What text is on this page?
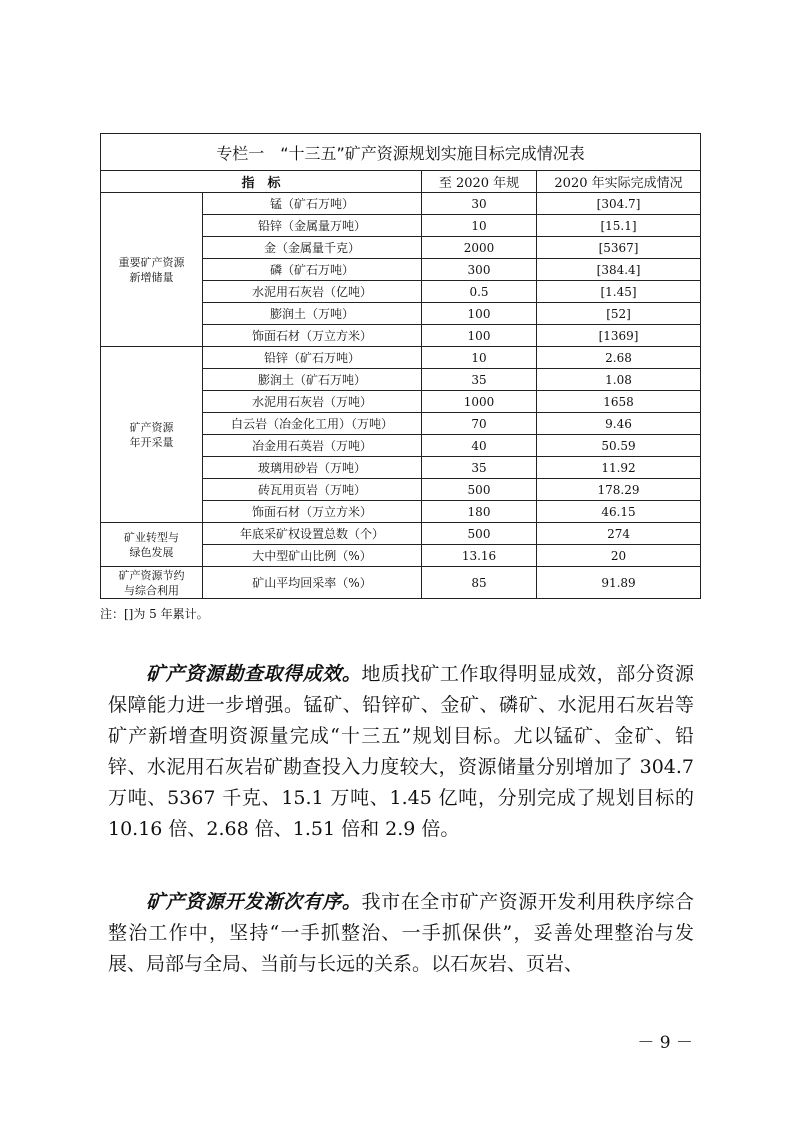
专栏一　“十三五”矿产资源规划实施目标完成情况表			
指　标		至 2020 年规	2020 年实际完成情况
重要矿产资源
新增储量	锰（矿石万吨）	30	[304.7]
	铅锌（金属量万吨）	10	[15.1]
	金（金属量千克）	2000	[5367]
	磷（矿石万吨）	300	[384.4]
	水泥用石灰岩（亿吨）	0.5	[1.45]
	膨润土（万吨）	100	[52]
	饰面石材（万立方米）	100	[1369]
矿产资源
年开采量	铅锌（矿石万吨）	10	2.68
	膨润土（矿石万吨）	35	1.08
	水泥用石灰岩（万吨）	1000	1658
	白云岩（冶金化工用）（万吨）	70	9.46
	冶金用石英岩（万吨）	40	50.59
	玻璃用砂岩（万吨）	35	11.92
	砖瓦用页岩（万吨）	500	178.29
	饰面石材（万立方米）	180	46.15
矿业转型与
绿色发展	年底采矿权设置总数（个）	500	274
	大中型矿山比例（%）	13.16	20
矿产资源节约
与综合利用	矿山平均回采率（%）	85	91.89
注：[]为 5 年累计。

矿产资源勘查取得成效。地质找矿工作取得明显成效，部分资源保障能力进一步增强。锰矿、铅锌矿、金矿、磷矿、水泥用石灰岩等矿产新增查明资源量完成“十三五”规划目标。尤以锰矿、金矿、铅锌、水泥用石灰岩矿勘查投入力度较大，资源储量分别增加了 304.7 万吨、5367 千克、15.1 万吨、1.45 亿吨，分别完成了规划目标的 10.16 倍、2.68 倍、1.51 倍和 2.9 倍。

矿产资源开发渐次有序。我市在全市矿产资源开发利用秩序综合整治工作中，坚持“一手抓整治、一手抓保供”，妥善处理整治与发展、局部与全局、当前与长远的关系。以石灰岩、页岩、

－ 9 －
